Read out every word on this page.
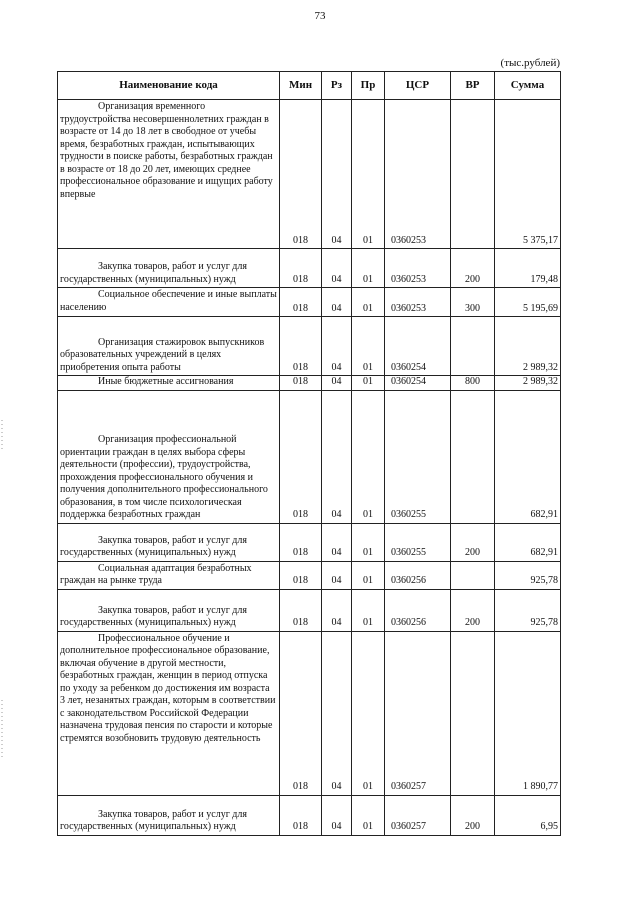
73
(тыс.рублей)
Наименование кода	Мин	Рз	Пр	ЦСР	ВР	Сумма
Организация временного трудоустройства несовершеннолетних граждан в возрасте от 14 до 18 лет в свободное от учебы время, безработных граждан, испытывающих трудности в поиске работы, безработных граждан в возрасте от 18 до 20 лет, имеющих среднее профессиональное образование и ищущих работу впервые	018	04	01	0360253		5 375,17
Закупка товаров, работ и услуг для государственных (муниципальных) нужд	018	04	01	0360253	200	179,48
Социальное обеспечение и иные выплаты населению	018	04	01	0360253	300	5 195,69
Организация стажировок выпускников образовательных учреждений в целях приобретения опыта работы	018	04	01	0360254		2 989,32
Иные бюджетные ассигнования	018	04	01	0360254	800	2 989,32
Организация профессиональной ориентации граждан в целях выбора сферы деятельности (профессии), трудоустройства, прохождения профессионального обучения и получения дополнительного профессионального образования, в том числе психологическая поддержка безработных граждан	018	04	01	0360255		682,91
Закупка товаров, работ и услуг для государственных (муниципальных) нужд	018	04	01	0360255	200	682,91
Социальная адаптация безработных граждан на рынке труда	018	04	01	0360256		925,78
Закупка товаров, работ и услуг для государственных (муниципальных) нужд	018	04	01	0360256	200	925,78
Профессиональное обучение и дополнительное профессиональное образование, включая обучение в другой местности, безработных граждан, женщин в период отпуска по уходу за ребенком до достижения им возраста 3 лет, незанятых граждан, которым в соответствии с законодательством Российской Федерации назначена трудовая пенсия по старости и которые стремятся возобновить трудовую деятельность	018	04	01	0360257		1 890,77
Закупка товаров, работ и услуг для государственных (муниципальных) нужд	018	04	01	0360257	200	6,95
